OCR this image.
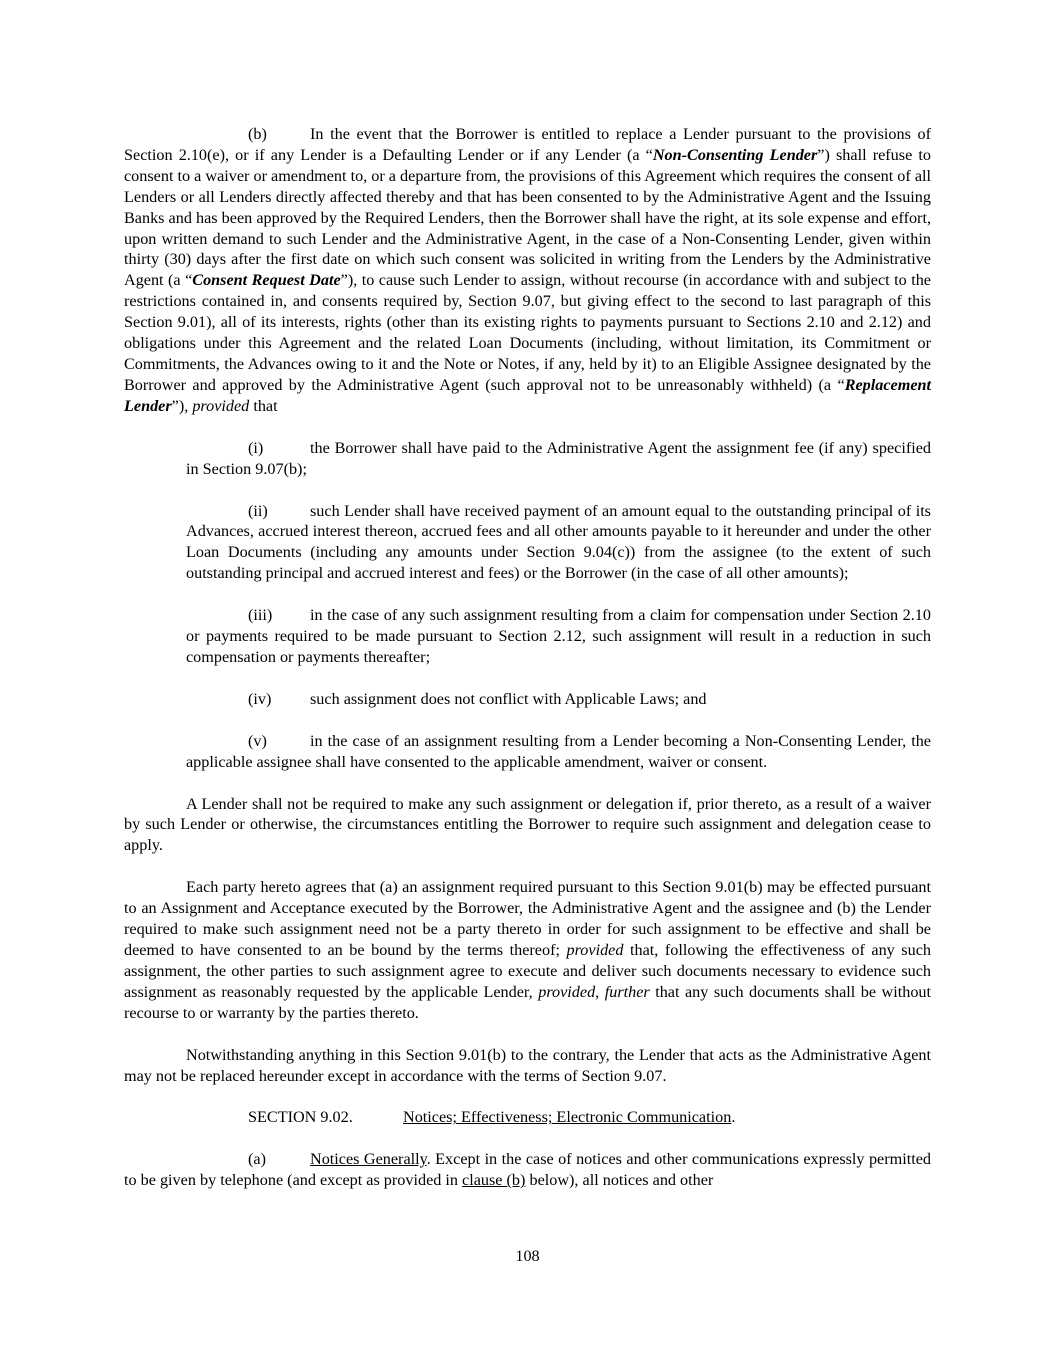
(b)	In the event that the Borrower is entitled to replace a Lender pursuant to the provisions of Section 2.10(e), or if any Lender is a Defaulting Lender or if any Lender (a “Non-Consenting Lender”) shall refuse to consent to a waiver or amendment to, or a departure from, the provisions of this Agreement which requires the consent of all Lenders or all Lenders directly affected thereby and that has been consented to by the Administrative Agent and the Issuing Banks and has been approved by the Required Lenders, then the Borrower shall have the right, at its sole expense and effort, upon written demand to such Lender and the Administrative Agent, in the case of a Non-Consenting Lender, given within thirty (30) days after the first date on which such consent was solicited in writing from the Lenders by the Administrative Agent (a “Consent Request Date”), to cause such Lender to assign, without recourse (in accordance with and subject to the restrictions contained in, and consents required by, Section 9.07, but giving effect to the second to last paragraph of this Section 9.01), all of its interests, rights (other than its existing rights to payments pursuant to Sections 2.10 and 2.12) and obligations under this Agreement and the related Loan Documents (including, without limitation, its Commitment or Commitments, the Advances owing to it and the Note or Notes, if any, held by it) to an Eligible Assignee designated by the Borrower and approved by the Administrative Agent (such approval not to be unreasonably withheld) (a “Replacement Lender”), provided that

(i)	the Borrower shall have paid to the Administrative Agent the assignment fee (if any) specified in Section 9.07(b);

(ii)	such Lender shall have received payment of an amount equal to the outstanding principal of its Advances, accrued interest thereon, accrued fees and all other amounts payable to it hereunder and under the other Loan Documents (including any amounts under Section 9.04(c)) from the assignee (to the extent of such outstanding principal and accrued interest and fees) or the Borrower (in the case of all other amounts);

(iii) in the case of any such assignment resulting from a claim for compensation under Section 2.10 or payments required to be made pursuant to Section 2.12, such assignment will result in a reduction in such compensation or payments thereafter;

(iv) such assignment does not conflict with Applicable Laws; and

(v)	in the case of an assignment resulting from a Lender becoming a Non-Consenting Lender, the applicable assignee shall have consented to the applicable amendment, waiver or consent.

A Lender shall not be required to make any such assignment or delegation if, prior thereto, as a result of a waiver by such Lender or otherwise, the circumstances entitling the Borrower to require such assignment and delegation cease to apply.

Each party hereto agrees that (a) an assignment required pursuant to this Section 9.01(b) may be effected pursuant to an Assignment and Acceptance executed by the Borrower, the Administrative Agent and the assignee and (b) the Lender required to make such assignment need not be a party thereto in order for such assignment to be effective and shall be deemed to have consented to an be bound by the terms thereof; provided that, following the effectiveness of any such assignment, the other parties to such assignment agree to execute and deliver such documents necessary to evidence such assignment as reasonably requested by the applicable Lender, provided, further that any such documents shall be without recourse to or warranty by the parties thereto.

Notwithstanding anything in this Section 9.01(b) to the contrary, the Lender that acts as the Administrative Agent may not be replaced hereunder except in accordance with the terms of Section 9.07.

SECTION 9.02.	Notices; Effectiveness; Electronic Communication.

(a)	Notices Generally. Except in the case of notices and other communications expressly permitted to be given by telephone (and except as provided in clause (b) below), all notices and other

108
